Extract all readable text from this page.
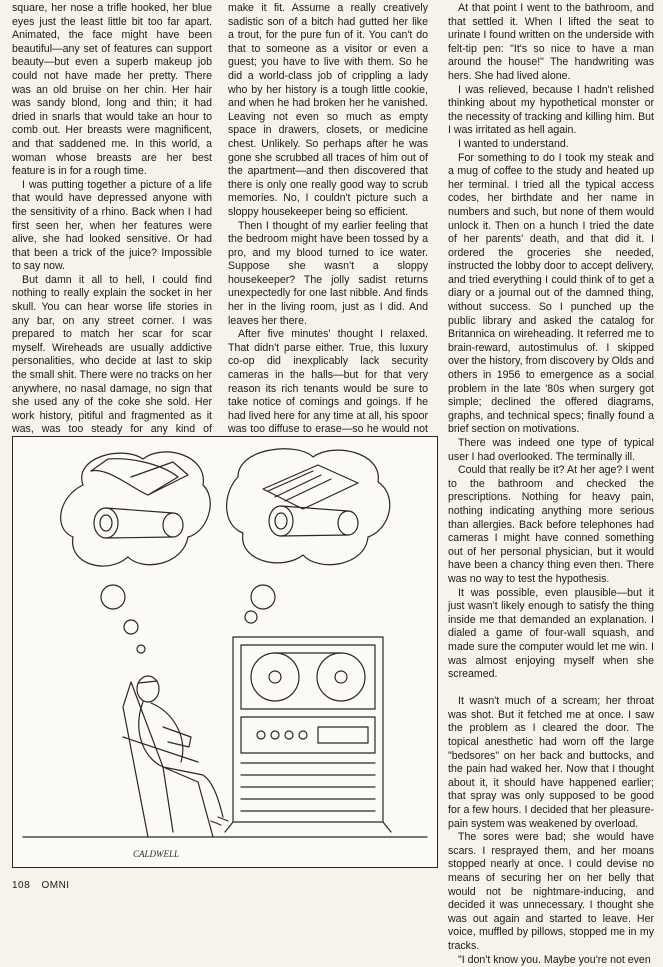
square, her nose a trifle hooked, her blue eyes just the least little bit too far apart. Animated, the face might have been beautiful—any set of features can support beauty—but even a superb makeup job could not have made her pretty. There was an old bruise on her chin. Her hair was sandy blond, long and thin; it had dried in snarls that would take an hour to comb out. Her breasts were magnificent, and that saddened me. In this world, a woman whose breasts are her best feature is in for a rough time.

I was putting together a picture of a life that would have depressed anyone with the sensitivity of a rhino. Back when I had first seen her, when her features were alive, she had looked sensitive. Or had that been a trick of the juice? Impossible to say now.

But damn it all to hell, I could find nothing to really explain the socket in her skull. You can hear worse life stories in any bar, on any street corner. I was prepared to match her scar for scar myself. Wireheads are usually addictive personalities, who decide at last to skip the small shit. There were no tracks on her anywhere, no nasal damage, no sign that she used any of the coke she sold. Her work history, pitiful and fragmented as it was, was too steady for any kind of

make it fit. Assume a really creatively sadistic son of a bitch had gutted her like a trout, for the pure fun of it. You can't do that to someone as a visitor or even a guest; you have to live with them. So he did a world-class job of crippling a lady who by her history is a tough little cookie, and when he had broken her he vanished. Leaving not even so much as empty space in drawers, closets, or medicine chest. Unlikely. So perhaps after he was gone she scrubbed all traces of him out of the apartment—and then discovered that there is only one really good way to scrub memories. No, I couldn't picture such a sloppy housekeeper being so efficient.

Then I thought of my earlier feeling that the bedroom might have been tossed by a pro, and my blood turned to ice water. Suppose she wasn't a sloppy housekeeper? The jolly sadist returns unexpectedly for one last nibble. And finds her in the living room, just as I did. And leaves her there.

After five minutes' thought I relaxed. That didn't parse either. True, this luxury co-op did inexplicably lack security cameras in the halls—but for that very reason its rich tenants would be sure to take notice of comings and goings. If he had lived here for any time at all, his spoor was too diffuse to erase—so he would not

At that point I went to the bathroom, and that settled it. When I lifted the seat to urinate I found written on the underside with felt-tip pen: "It's so nice to have a man around the house!" The handwriting was hers. She had lived alone.

I was relieved, because I hadn't relished thinking about my hypothetical monster or the necessity of tracking and killing him. But I was irritated as hell again.

I wanted to understand.

For something to do I took my steak and a mug of coffee to the study and heated up her terminal. I tried all the typical access codes, her birthdate and her name in numbers and such, but none of them would unlock it. Then on a hunch I tried the date of her parents' death, and that did it. I ordered the groceries she needed, instructed the lobby door to accept delivery, and tried everything I could think of to get a diary or a journal out of the damned thing, without success. So I punched up the public library and asked the catalog for Britannica on wireheading. It referred me to brain-reward, autostimulus of. I skipped over the history, from discovery by Olds and others in 1956 to emergence as a social problem in the late '80s when surgery got simple; declined the offered diagrams, graphs, and technical specs; finally found a brief section on motivations.

There was indeed one type of typical user I had overlooked. The terminally ill.

Could that really be it? At her age? I went to the bathroom and checked the prescriptions. Nothing for heavy pain, nothing indicating anything more serious than allergies. Back before telephones had cameras I might have conned something out of her personal physician, but it would have been a chancy thing even then. There was no way to test the hypothesis.

It was possible, even plausible—but it just wasn't likely enough to satisfy the thing inside me that demanded an explanation. I dialed a game of four-wall squash, and made sure the computer would let me win. I was almost enjoying myself when she screamed.

It wasn't much of a scream; her throat was shot. But it fetched me at once. I saw the problem as I cleared the door. The topical anesthetic had worn off the large "bedsores" on her back and buttocks, and the pain had waked her. Now that I thought about it, it should have happened earlier; that spray was only supposed to be good for a few hours. I decided that her pleasure-pain system was weakened by overload.

The sores were bad; she would have scars. I resprayed them, and her moans stopped nearly at once. I could devise no means of securing her on her belly that would not be nightmare-inducing, and decided it was unnecessary. I thought she was out again and started to leave. Her voice, muffled by pillows, stopped me in my tracks.

"I don't know you. Maybe you're not even

CALDWELL
108 OMNI
